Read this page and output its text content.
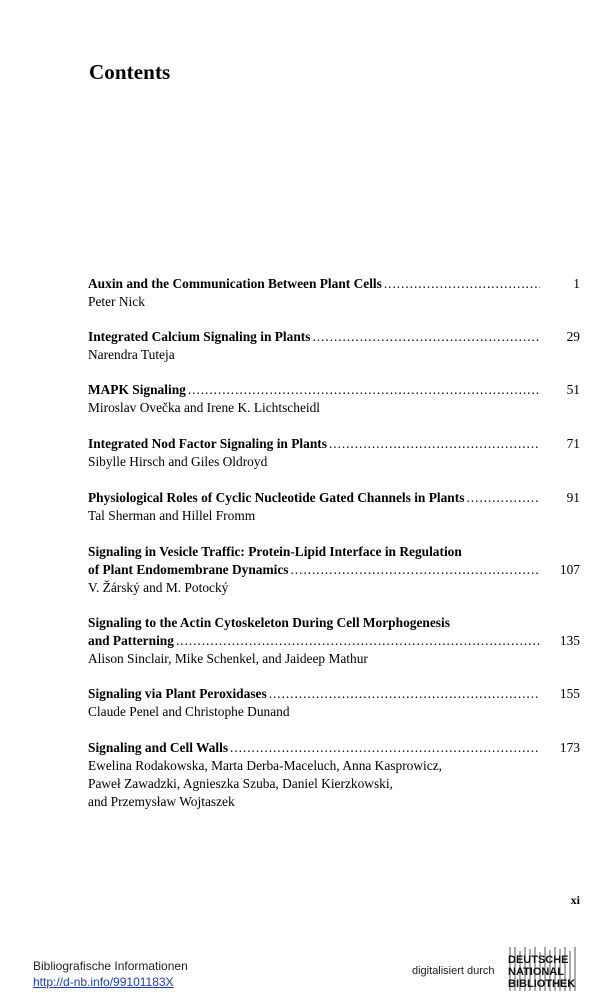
Contents
Auxin and the Communication Between Plant Cells . . .	1
Peter Nick
Integrated Calcium Signaling in Plants . . .	29
Narendra Tuteja
MAPK Signaling . . .	51
Miroslav Ovečka and Irene K. Lichtscheidl
Integrated Nod Factor Signaling in Plants . . .	71
Sibylle Hirsch and Giles Oldroyd
Physiological Roles of Cyclic Nucleotide Gated Channels in Plants . . .	91
Tal Sherman and Hillel Fromm
Signaling in Vesicle Traffic: Protein-Lipid Interface in Regulation
of Plant Endomembrane Dynamics . . .	107
V. Žárský and M. Potocký
Signaling to the Actin Cytoskeleton During Cell Morphogenesis
and Patterning . . .	135
Alison Sinclair, Mike Schenkel, and Jaideep Mathur
Signaling via Plant Peroxidases . . .	155
Claude Penel and Christophe Dunand
Signaling and Cell Walls . . .	173
Ewelina Rodakowska, Marta Derba-Maceluch, Anna Kasprowicz,
Paweł Zawadzki, Agnieszka Szuba, Daniel Kierzkowski,
and Przemysław Wojtaszek
xi
Bibliografische Informationen
http://d-nb.info/99101183X
digitalisiert durch
DEUTSCHE
NATIONAL
BIBLIOTHEK
